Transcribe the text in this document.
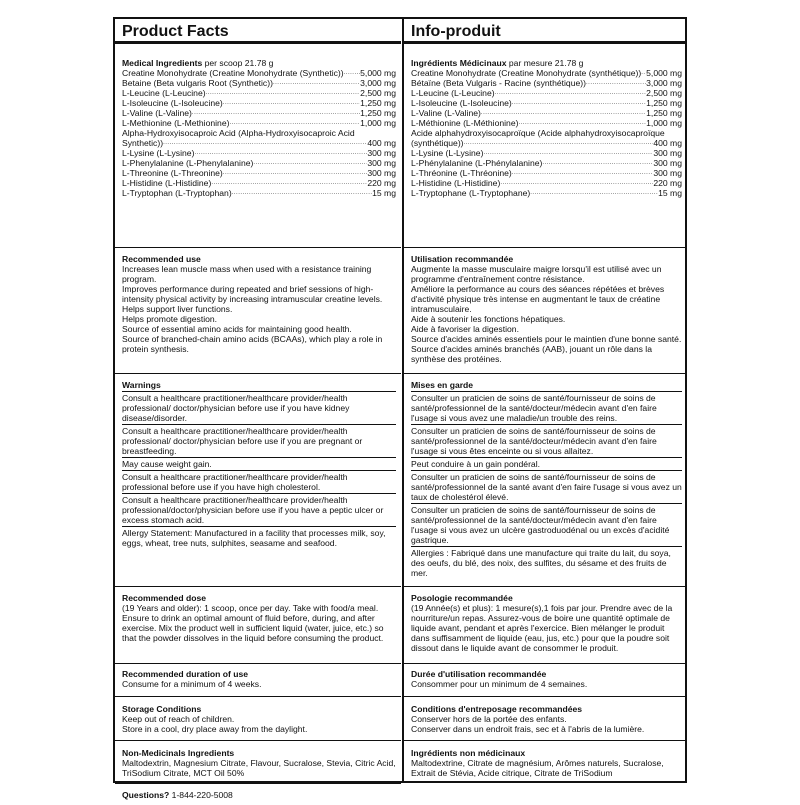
Product Facts
Medical Ingredients per scoop 21.78 g
Creatine Monohydrate (Creatine Monohydrate (Synthetic)) ..... 5,000 mg
Betaine (Beta vulgaris Root (Synthetic)) .....	3,000 mg
L-Leucine (L-Leucine) .....	2,500 mg
L-Isoleucine (L-Isoleucine) .....	1,250 mg
L-Valine (L-Valine) .....	1,250 mg
L-Methionine (L-Methionine) .....	1,000 mg
Alpha-Hydroxyisocaproic Acid (Alpha-Hydroxyisocaproic Acid
Synthetic)) .....	400 mg
L-Lysine (L-Lysine) .....	300 mg
L-Phenylalanine (L-Phenylalanine) .....	300 mg
L-Threonine (L-Threonine) .....	300 mg
L-Histidine (L-Histidine) .....	220 mg
L-Tryptophan (L-Tryptophan) .....	15 mg
Recommended use
Increases lean muscle mass when used with a resistance training program.
Improves performance during repeated and brief sessions of high-intensity physical activity by increasing intramuscular creatine levels.
Helps support liver functions.
Helps promote digestion.
Source of essential amino acids for maintaining good health.
Source of branched-chain amino acids (BCAAs), which play a role in protein synthesis.
Warnings
Consult a healthcare practitioner/healthcare provider/health professional/ doctor/physician before use if you have kidney disease/disorder.
Consult a healthcare practitioner/healthcare provider/health professional/ doctor/physician before use if you are pregnant or breastfeeding.
May cause weight gain.
Consult a healthcare practitioner/healthcare provider/health professional before use if you have high cholesterol.
Consult a healthcare practitioner/healthcare provider/health professional/doctor/physician before use if you have a peptic ulcer or excess stomach acid.
Allergy Statement: Manufactured in a facility that processes milk, soy, eggs, wheat, tree nuts, sulphites, seasame and seafood.
Recommended dose
(19 Years and older): 1 scoop, once per day. Take with food/a meal. Ensure to drink an optimal amount of fluid before, during, and after exercise. Mix the product well in sufficient liquid (water, juice, etc.) so that the powder dissolves in the liquid before consuming the product.
Recommended duration of use
Consume for a minimum of 4 weeks.
Storage Conditions
Keep out of reach of children.
Store in a cool, dry place away from the daylight.
Non-Medicinals Ingredients
Maltodextrin, Magnesium Citrate, Flavour, Sucralose, Stevia, Citric Acid, TriSodium Citrate, MCT Oil 50%
Questions? 1-844-220-5008
Info-produit
Ingrédients Médicinaux par mesure 21.78 g
Creatine Monohydrate (Creatine Monohydrate (synthétique)) ..... 5,000 mg
Bétaïne (Beta Vulgaris - Racine (synthétique)) .....	3,000 mg
L-Leucine (L-Leucine) .....	2,500 mg
L-Isoleucine (L-Isoleucine) .....	1,250 mg
L-Valine (L-Valine) .....	1,250 mg
L-Méthionine (L-Méthionine) .....	1,000 mg
Acide alphahydroxyisocaproïque (Acide alphahydroxyisocaproïque
(synthétique)) .....	400 mg
L-Lysine (L-Lysine) .....	300 mg
L-Phénylalanine (L-Phénylalanine) .....	300 mg
L-Thréonine (L-Thréonine) .....	300 mg
L-Histidine (L-Histidine) .....	220 mg
L-Tryptophane (L-Tryptophane) .....	15 mg
Utilisation recommandée
Augmente la masse musculaire maigre lorsqu'il est utilisé avec un programme d'entraînement contre résistance.
Améliore la performance au cours des séances répétées et brèves d'activité physique très intense en augmentant le taux de créatine intramusculaire.
Aide à soutenir les fonctions hépatiques.
Aide à favoriser la digestion.
Source d'acides aminés essentiels pour le maintien d'une bonne santé.
Source d'acides aminés branchés (AAB), jouant un rôle dans la synthèse des protéines.
Mises en garde
Consulter un praticien de soins de santé/fournisseur de soins de santé/professionnel de la santé/docteur/médecin avant d'en faire l'usage si vous avez une maladie/un trouble des reins.
Consulter un praticien de soins de santé/fournisseur de soins de santé/professionnel de la santé/docteur/médecin avant d'en faire l'usage si vous êtes enceinte ou si vous allaitez.
Peut conduire à un gain pondéral.
Consulter un praticien de soins de santé/fournisseur de soins de santé/professionnel de la santé avant d'en faire l'usage si vous avez un taux de cholestérol élevé.
Consulter un praticien de soins de santé/fournisseur de soins de santé/professionnel de la santé/docteur/médecin avant d'en faire l'usage si vous avez un ulcère gastroduodénal ou un excès d'acidité gastrique.
Allergies : Fabriqué dans une manufacture qui traite du lait, du soya, des oeufs, du blé, des noix, des sulfites, du sésame et des fruits de mer.
Posologie recommandée
(19 Année(s) et plus): 1 mesure(s),1 fois par jour. Prendre avec de la nourriture/un repas. Assurez-vous de boire une quantité optimale de liquide avant, pendant et après l'exercice. Bien mélanger le produit dans suffisamment de liquide (eau, jus, etc.) pour que la poudre soit dissout dans le liquide avant de consommer le produit.
Durée d'utilisation recommandée
Consommer pour un minimum de 4 semaines.
Conditions d'entreposage recommandées
Conserver hors de la portée des enfants.
Conserver dans un endroit frais, sec et à l'abris de la lumière.
Ingrédients non médicinaux
Maltodextrine, Citrate de magnésium, Arômes naturels, Sucralose, Extrait de Stévia, Acide citrique, Citrate de TriSodium
